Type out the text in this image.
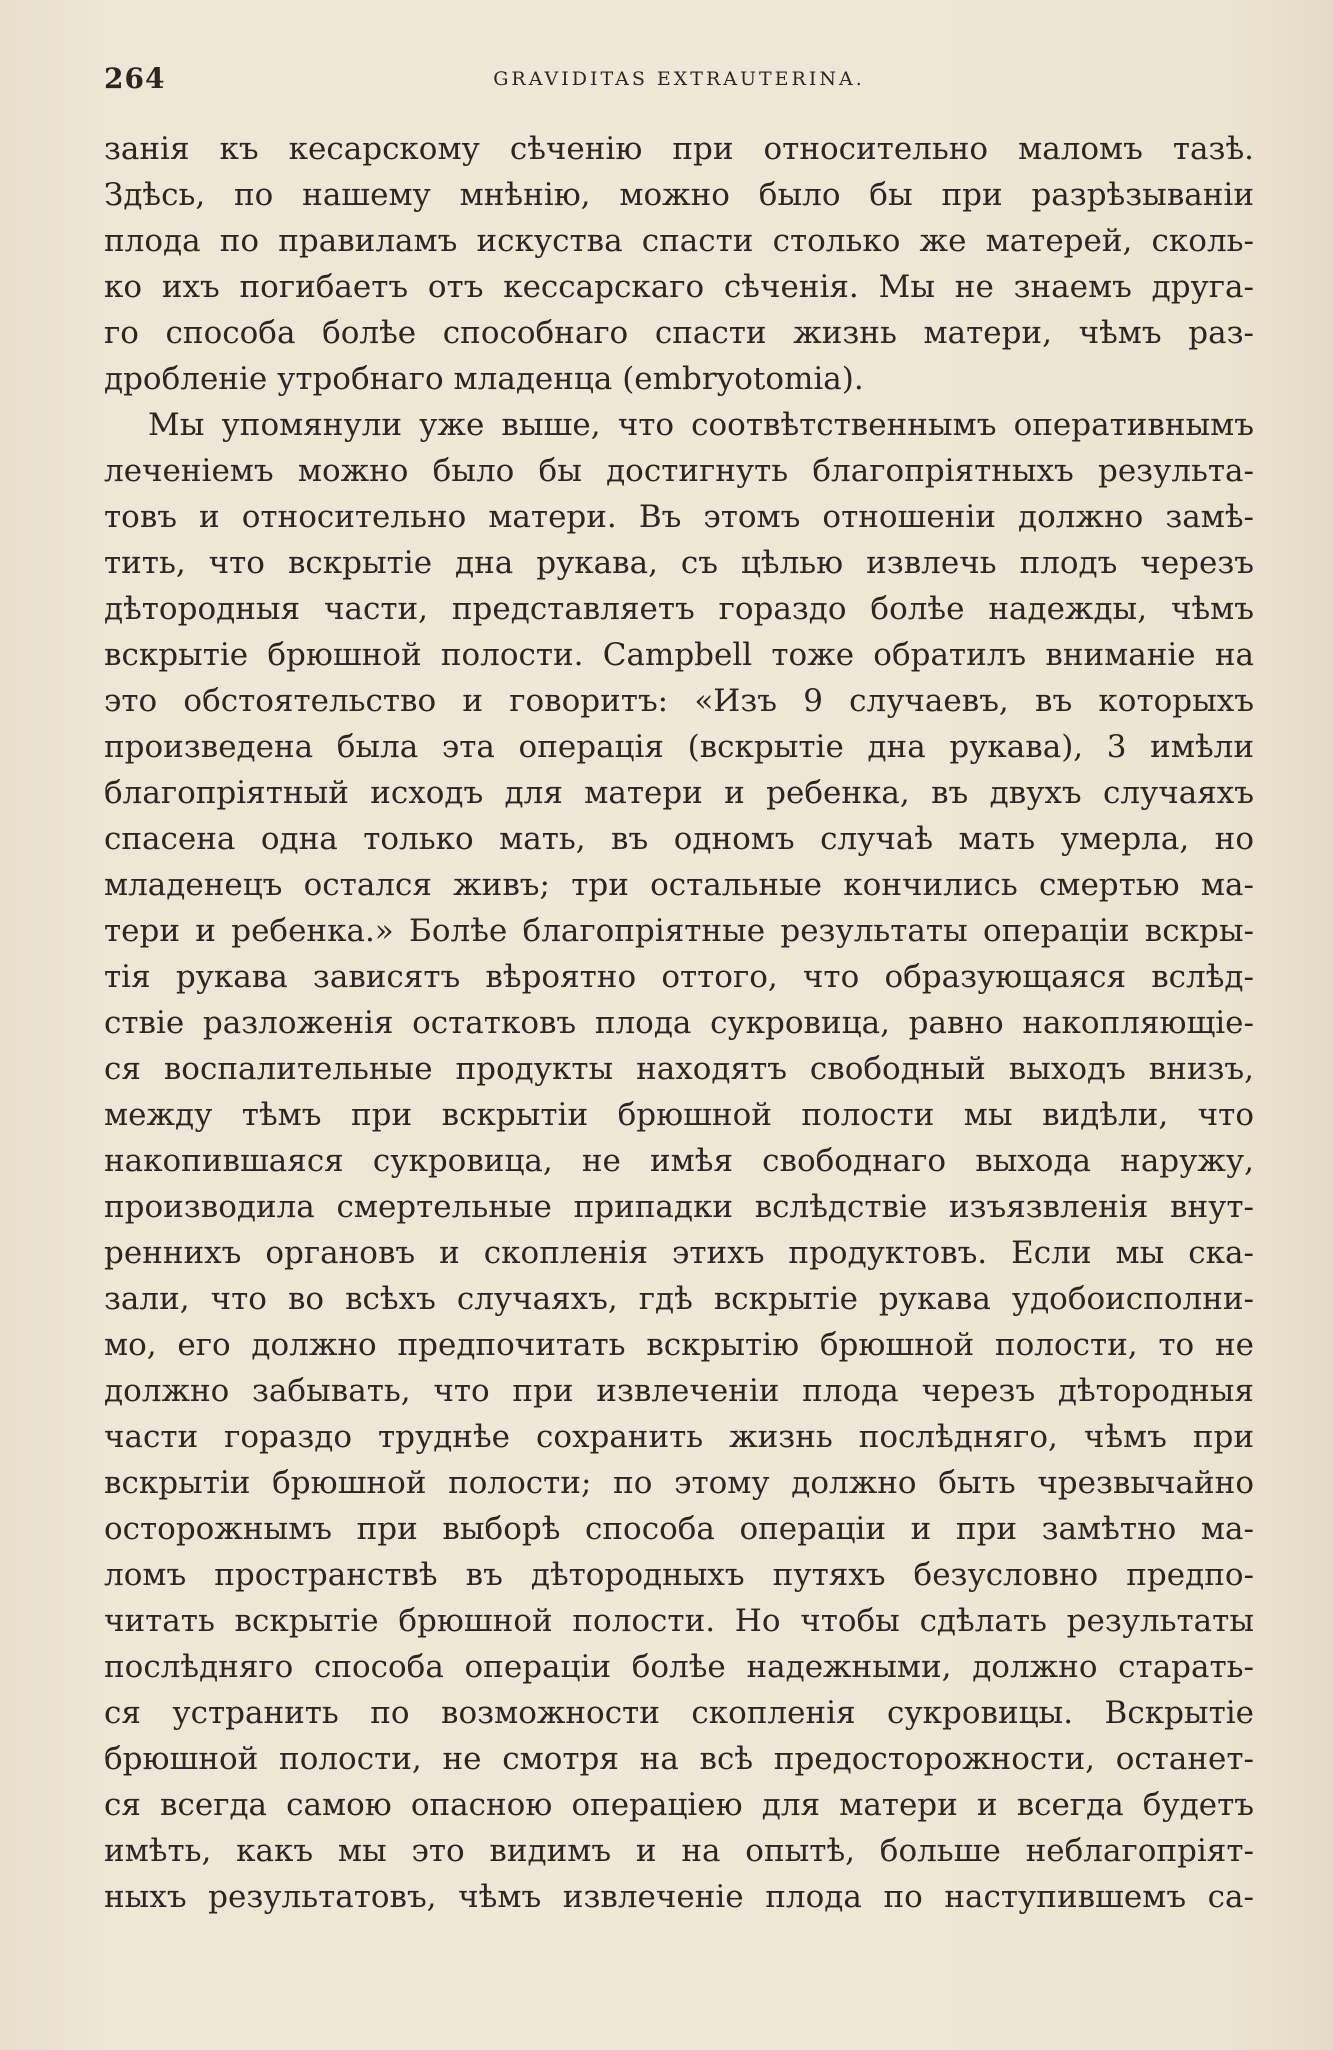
264	GRAVIDITAS EXTRAUTERINA.
занія къ кесарскому сѣченію при относительно маломъ тазѣ.
Здѣсь, по нашему мнѣнію, можно было бы при разрѣзываніи
плода по правиламъ искуства спасти столько же матерей, сколь-
ко ихъ погибаетъ отъ кессарскаго сѣченія. Мы не знаемъ друга-
го способа болѣе способнаго спасти жизнь матери, чѣмъ раз-
дробленіе утробнаго младенца (embryotomia).
Мы упомянули уже выше, что соотвѣтственнымъ оперативнымъ
леченіемъ можно было бы достигнуть благопріятныхъ результа-
товъ и относительно матери. Въ этомъ отношеніи должно замѣ-
тить, что вскрытіе дна рукава, съ цѣлью извлечь плодъ черезъ
дѣтородныя части, представляетъ гораздо болѣе надежды, чѣмъ
вскрытіе брюшной полости. Campbell тоже обратилъ вниманіе на
это обстоятельство и говоритъ: «Изъ 9 случаевъ, въ которыхъ
произведена была эта операція (вскрытіе дна рукава), 3 имѣли
благопріятный исходъ для матери и ребенка, въ двухъ случаяхъ
спасена одна только мать, въ одномъ случаѣ мать умерла, но
младенецъ остался живъ; три остальные кончились смертью ма-
тери и ребенка.» Болѣе благопріятные результаты операціи вскры-
тія рукава зависятъ вѣроятно оттого, что образующаяся вслѣд-
ствіе разложенія остатковъ плода сукровица, равно накопляющіе-
ся воспалительные продукты находятъ свободный выходъ внизъ,
между тѣмъ при вскрытіи брюшной полости мы видѣли, что
накопившаяся сукровица, не имѣя свободнаго выхода наружу,
производила смертельные припадки вслѣдствіе изъязвленія внут-
реннихъ органовъ и скопленія этихъ продуктовъ. Если мы ска-
зали, что во всѣхъ случаяхъ, гдѣ вскрытіе рукава удобоисполни-
мо, его должно предпочитать вскрытію брюшной полости, то не
должно забывать, что при извлеченіи плода черезъ дѣтородныя
части гораздо труднѣе сохранить жизнь послѣдняго, чѣмъ при
вскрытіи брюшной полости; по этому должно быть чрезвычайно
осторожнымъ при выборѣ способа операціи и при замѣтно ма-
ломъ пространствѣ въ дѣтородныхъ путяхъ безусловно предпо-
читать вскрытіе брюшной полости. Но чтобы сдѣлать результаты
послѣдняго способа операціи болѣе надежными, должно старать-
ся устранить по возможности скопленія сукровицы. Вскрытіе
брюшной полости, не смотря на всѣ предосторожности, останет-
ся всегда самою опасною операціею для матери и всегда будетъ
имѣть, какъ мы это видимъ и на опытѣ, больше неблагопріят-
ныхъ результатовъ, чѣмъ извлеченіе плода по наступившемъ са-
